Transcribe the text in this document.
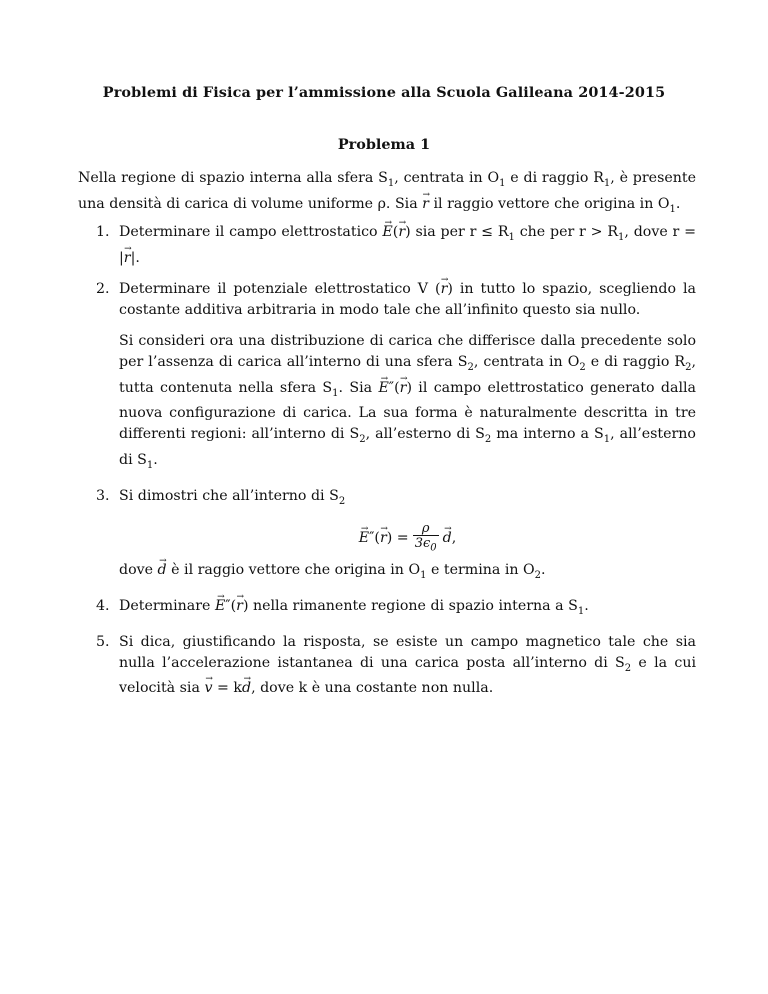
Problemi di Fisica per l’ammissione alla Scuola Galileana 2014-2015
Problema 1
Nella regione di spazio interna alla sfera $S_1$, centrata in $O_1$ e di raggio $R_1$, è presente una densità di carica di volume uniforme ρ. Sia → r il raggio vettore che origina in $O_1$.
1. Determinare il campo elettrostatico → E(→ r) sia per $r \le R_1$ che per $r > R_1$, dove r = |→ r|.
2. Determinare il potenziale elettrostatico V (→ r) in tutto lo spazio, scegliendo la costante additiva arbitraria in modo tale che all’infinito questo sia nullo.
Si consideri ora una distribuzione di carica che differisce dalla precedente solo per l’assenza di carica all’interno di una sfera $S_2$, centrata in $O_2$ e di raggio $R_2$, tutta contenuta nella sfera $S_1$. Sia → E″(→ r) il campo elettrostatico generato dalla nuova configurazione di carica. La sua forma è naturalmente descritta in tre differenti regioni: all’interno di $S_2$, all’esterno di $S_2$ ma interno a $S_1$, all’esterno di $S_1$.
3. Si dimostri che all’interno di $S_2$
→ E ″(
→ r ) = $\frac{\rho}{3\epsilon_0}$
→ d ,
dove → d è il raggio vettore che origina in $O_1$ e termina in $O_2$.
4. Determinare → E″(→ r) nella rimanente regione di spazio interna a $S_1$.
5. Si dica, giustificando la risposta, se esiste un campo magnetico tale che sia nulla l’accelerazione istantanea di una carica posta all’interno di $S_2$ e la cui velocità sia → v = k→ d, dove k è una costante non nulla.
